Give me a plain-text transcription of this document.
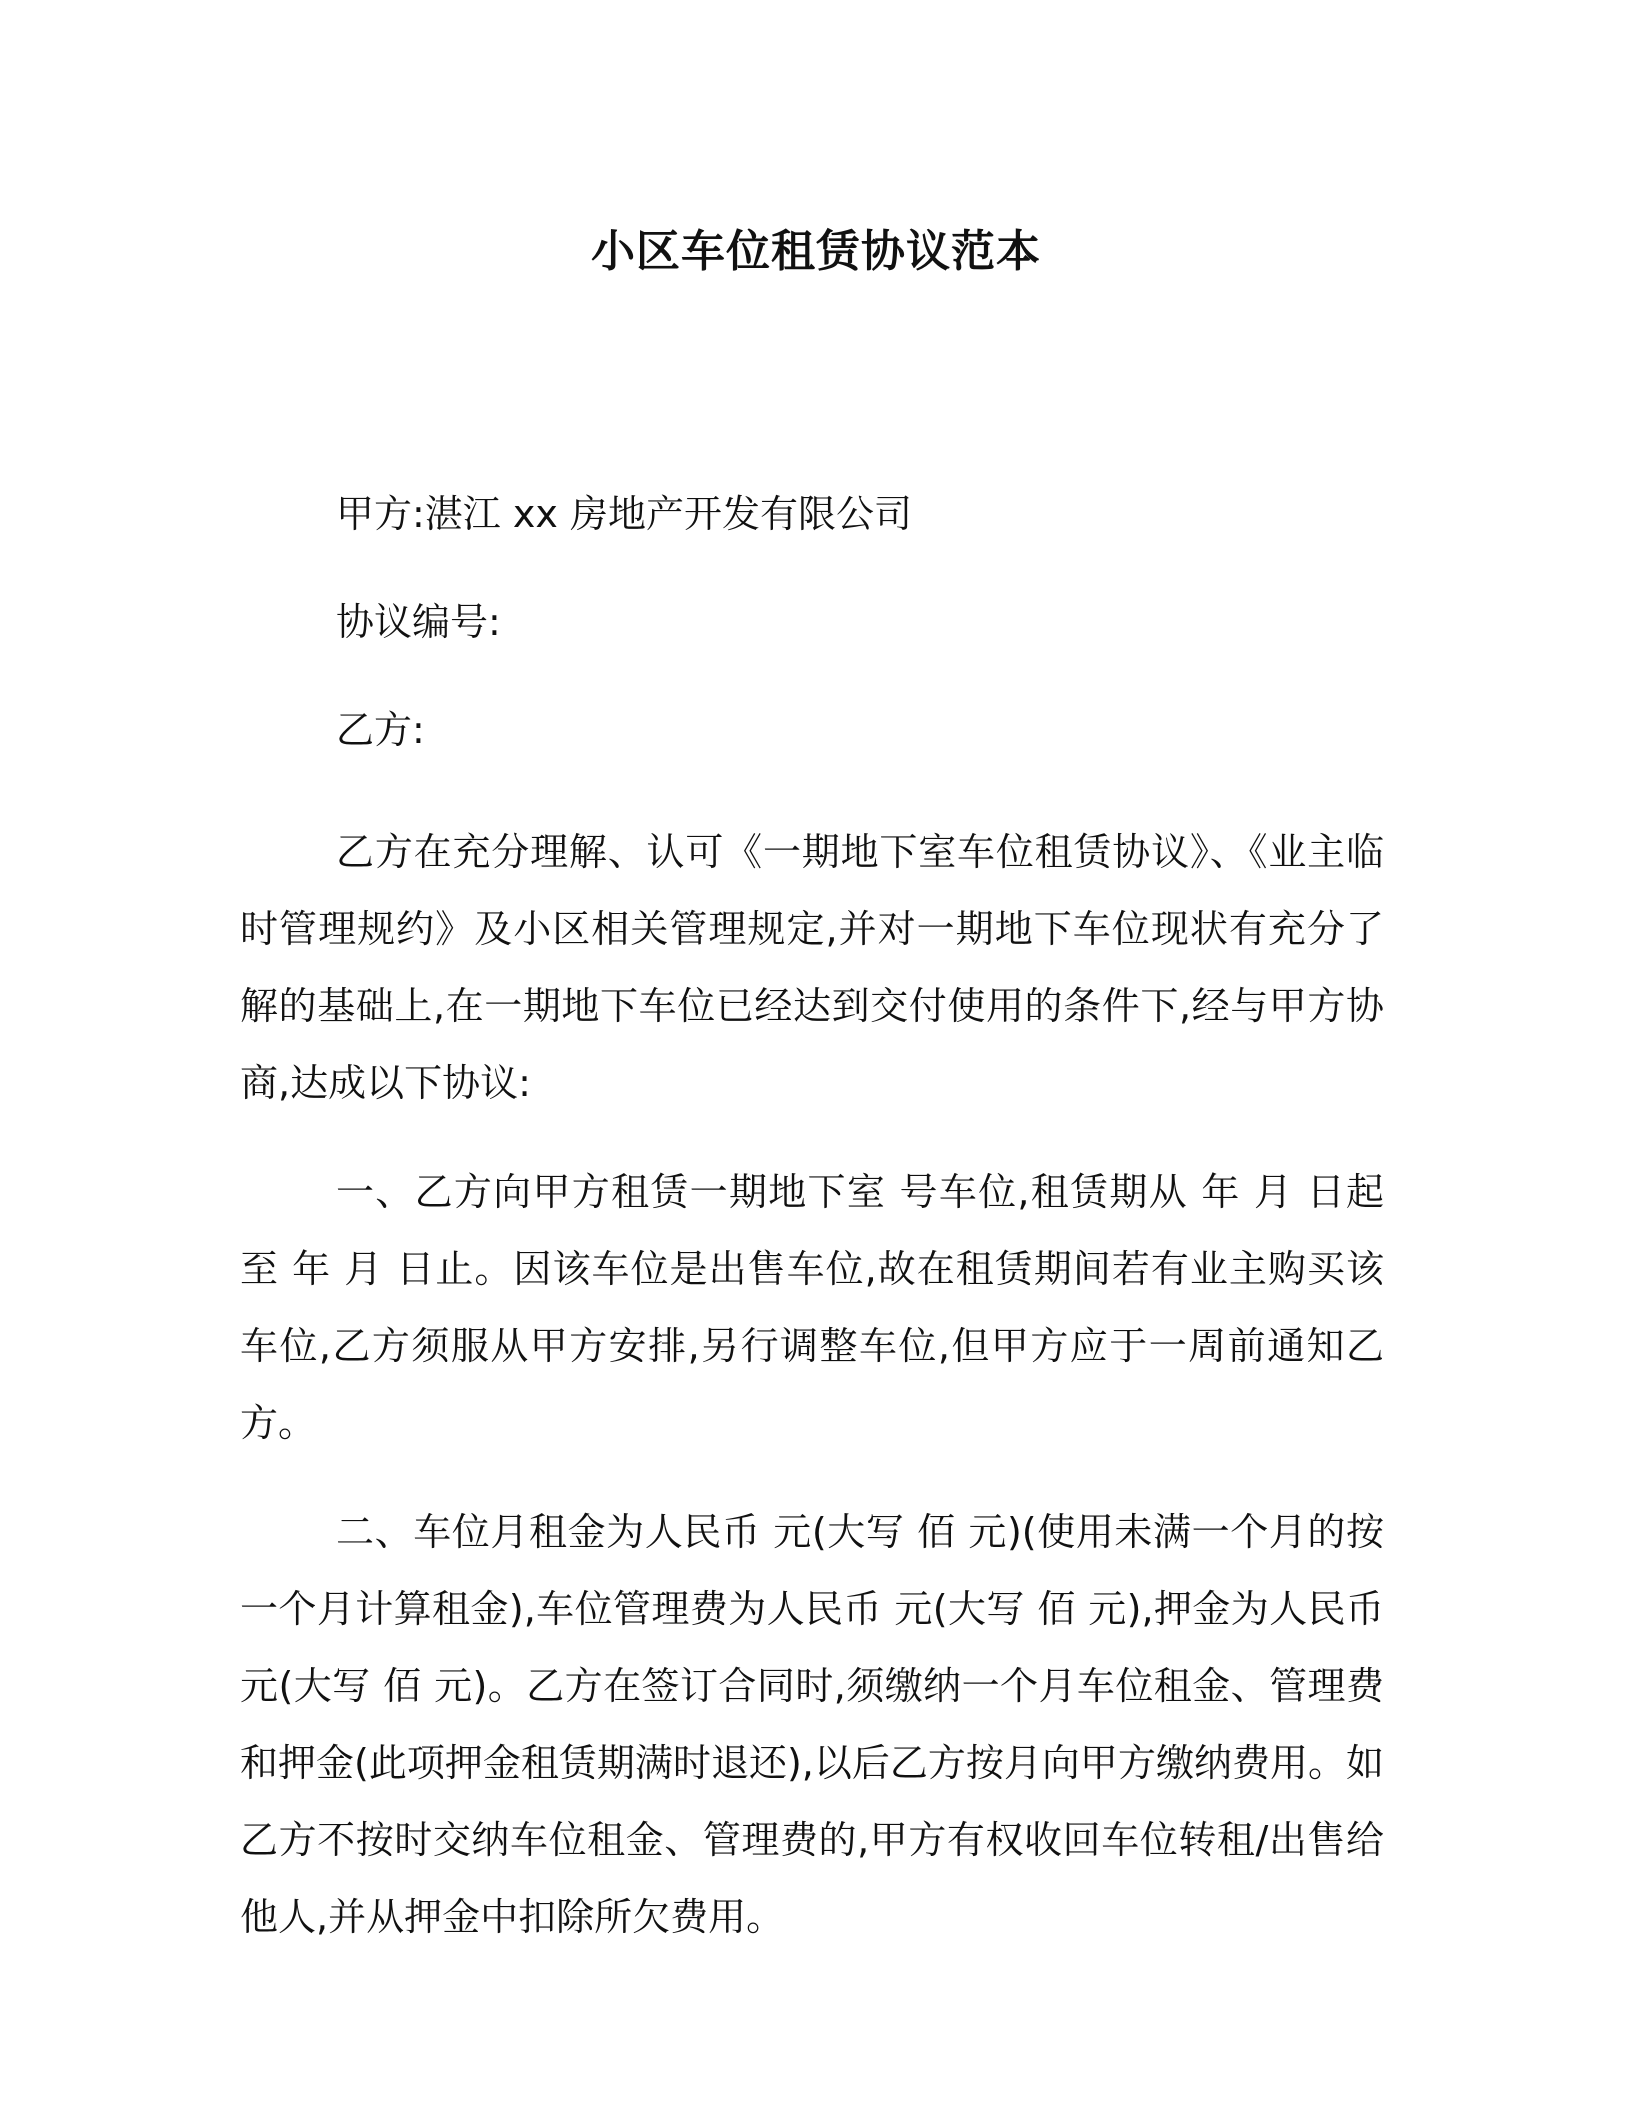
小区车位租赁协议范本

甲方:湛江 xx 房地产开发有限公司

协议编号:

乙方:

乙方在充分理解、认可《一期地下室车位租赁协议》、《业主临时管理规约》及小区相关管理规定,并对一期地下车位现状有充分了解的基础上,在一期地下车位已经达到交付使用的条件下,经与甲方协商,达成以下协议:

一、乙方向甲方租赁一期地下室 号车位,租赁期从 年 月 日起至 年 月 日止。因该车位是出售车位,故在租赁期间若有业主购买该车位,乙方须服从甲方安排,另行调整车位,但甲方应于一周前通知乙方。

二、车位月租金为人民币 元(大写 佰 元)(使用未满一个月的按一个月计算租金),车位管理费为人民币 元(大写 佰 元),押金为人民币 元(大写 佰 元)。乙方在签订合同时,须缴纳一个月车位租金、管理费和押金(此项押金租赁期满时退还),以后乙方按月向甲方缴纳费用。如乙方不按时交纳车位租金、管理费的,甲方有权收回车位转租/出售给他人,并从押金中扣除所欠费用。
